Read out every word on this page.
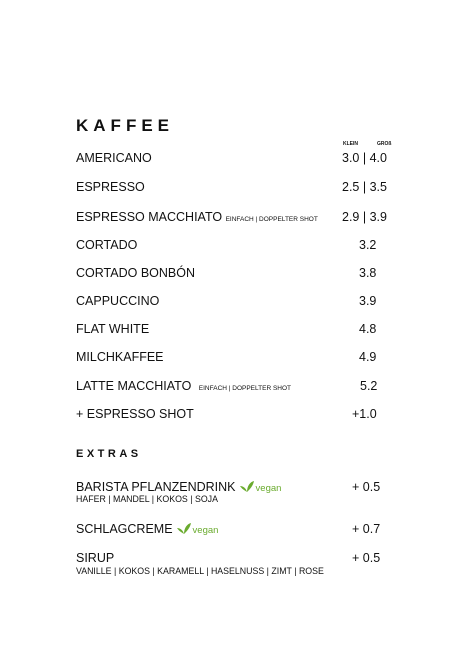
KAFFEE
KLEIN	GROß
AMERICANO	3.0 | 4.0
ESPRESSO	2.5 | 3.5
ESPRESSO MACCHIATO EINFACH | DOPPELTER SHOT 2.9 | 3.9
CORTADO	3.2
CORTADO BONBÓN	3.8
CAPPUCCINO	3.9
FLAT WHITE	4.8
MILCHKAFFEE	4.9
LATTE MACCHIATO EINFACH | DOPPELTER SHOT	5.2
+ ESPRESSO SHOT	+1.0
EXTRAS
BARISTA PFLANZENDRINK vegan
HAFER | MANDEL | KOKOS | SOJA
+ 0.5
SCHLAGCREME vegan	+ 0.7
SIRUP
VANILLE | KOKOS | KARAMELL | HASELNUSS | ZIMT | ROSE
+ 0.5
